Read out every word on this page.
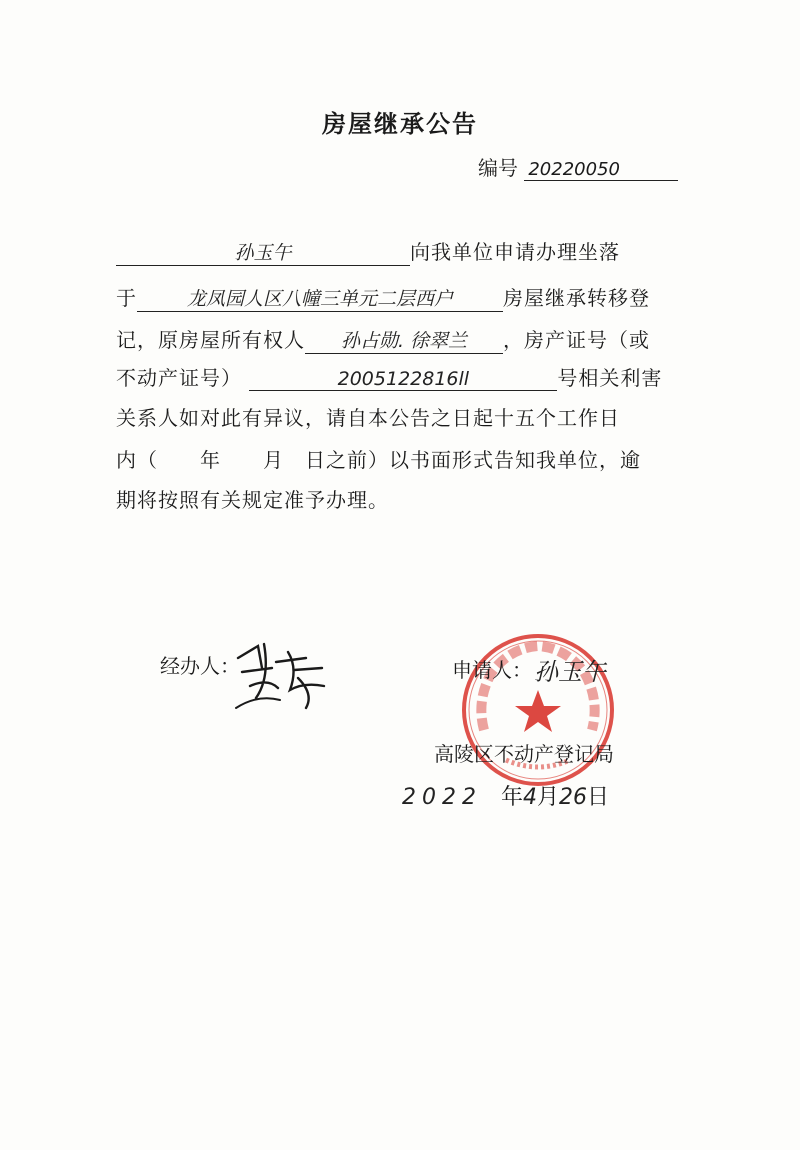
房屋继承公告
编号 20220050
孙玉午	向我单位申请办理坐落
于	龙凤园人区八幢三单元二层西户	房屋继承转移登
记，原房屋所有权人 孙占勋. 徐翠兰 ，房产证号（或
不动产证号）	2005122816ll	号相关利害
关系人如对此有异议，请自本公告之日起十五个工作日
内（　　年　　月　日之前）以书面形式告知我单位，逾
期将按照有关规定准予办理。
经办人：	申请人： 孙玉午
高陵区不动产登记局
2022 年4月26日
